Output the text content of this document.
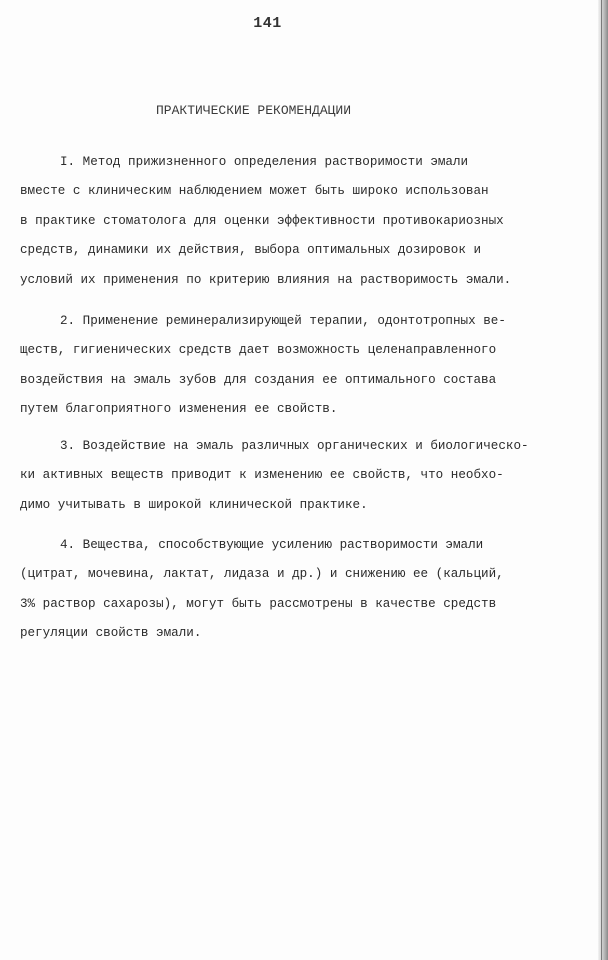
141
ПРАКТИЧЕСКИЕ РЕКОМЕНДАЦИИ
I. Метод прижизненного определения растворимости эмали
вместе с клиническим наблюдением может быть широко использован
в практике стоматолога для оценки эффективности противокариозных
средств, динамики их действия, выбора оптимальных дозировок и
условий их применения по критерию влияния на растворимость эмали.
2. Применение реминерализирующей терапии, одонтотропных ве-
ществ, гигиенических средств дает возможность целенаправленного
воздействия на эмаль зубов для создания ее оптимального состава
путем благоприятного изменения ее свойств.
3. Воздействие на эмаль различных органических и биологическо-
ки активных веществ приводит к изменению ее свойств, что необхо-
димо учитывать в широкой клинической практике.
4. Вещества, способствующие усилению растворимости эмали
(цитрат, мочевина, лактат, лидаза и др.) и снижению ее (кальций,
3% раствор сахарозы), могут быть рассмотрены в качестве средств
регуляции свойств эмали.
